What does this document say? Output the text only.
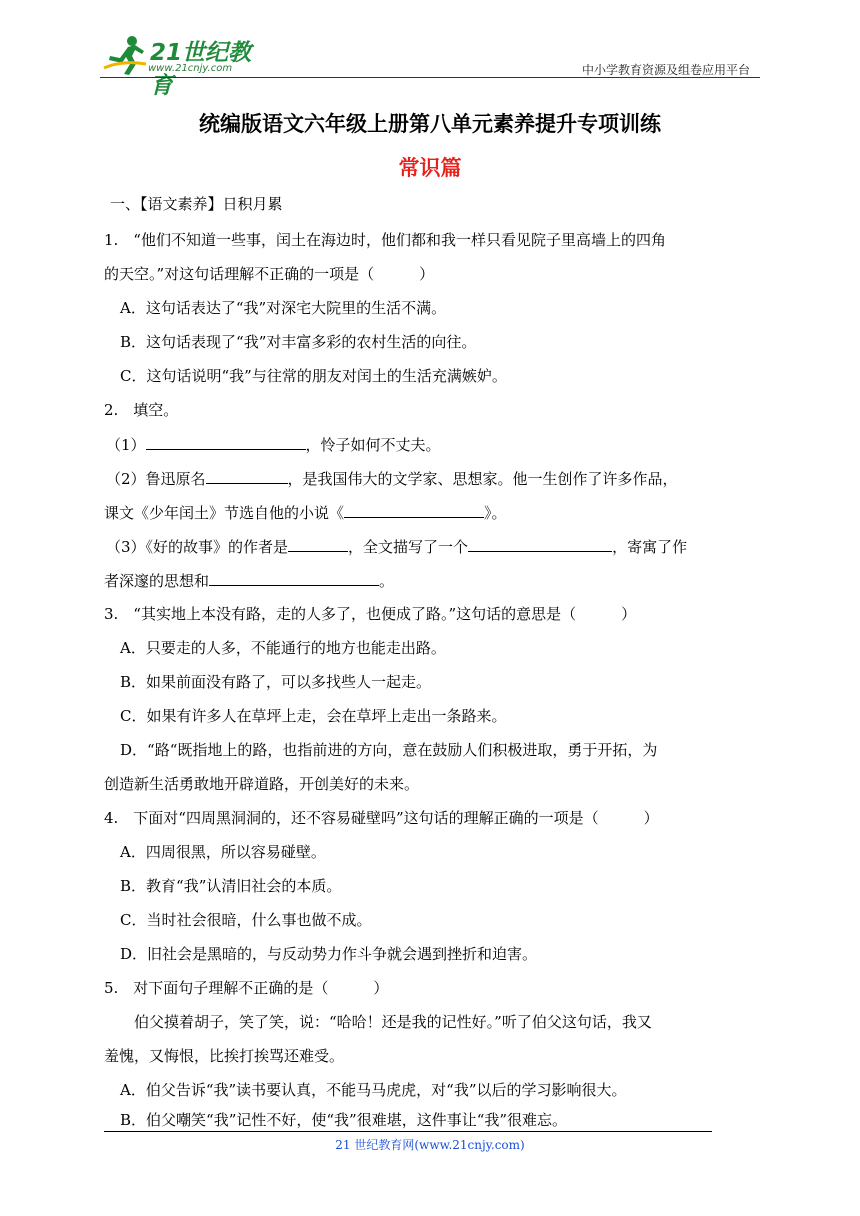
21世纪教育
www.21cnjy.com	中小学教育资源及组卷应用平台
统编版语文六年级上册第八单元素养提升专项训练
常识篇
一、【语文素养】日积月累
1.　“他们不知道一些事，闰土在海边时，他们都和我一样只看见院子里高墙上的四角
的天空。”对这句话理解不正确的一项是（　　　）
A．这句话表达了“我”对深宅大院里的生活不满。
B．这句话表现了“我”对丰富多彩的农村生活的向往。
C．这句话说明“我”与往常的朋友对闰土的生活充满嫉妒。
2.　填空。
（1）	，怜子如何不丈夫。
（2）鲁迅原名	，是我国伟大的文学家、思想家。他一生创作了许多作品，
课文《少年闰土》节选自他的小说《	》。
（3）《好的故事》的作者是	，全文描写了一个	，寄寓了作
者深邃的思想和	。
3.　“其实地上本没有路，走的人多了，也便成了路。”这句话的意思是（　　　）
A．只要走的人多，不能通行的地方也能走出路。
B．如果前面没有路了，可以多找些人一起走。
C．如果有许多人在草坪上走，会在草坪上走出一条路来。
D．“路“既指地上的路，也指前进的方向，意在鼓励人们积极进取，勇于开拓，为
创造新生活勇敢地开辟道路，开创美好的未来。
4.　下面对“四周黑洞洞的，还不容易碰壁吗”这句话的理解正确的一项是（　　　）
A．四周很黑，所以容易碰壁。
B．教育“我”认清旧社会的本质。
C．当时社会很暗，什么事也做不成。
D．旧社会是黑暗的，与反动势力作斗争就会遇到挫折和迫害。
5.　对下面句子理解不正确的是（　　　）
伯父摸着胡子，笑了笑，说：“哈哈！还是我的记性好。”听了伯父这句话，我又
羞愧，又悔恨，比挨打挨骂还难受。
A．伯父告诉“我”读书要认真，不能马马虎虎，对“我”以后的学习影响很大。
B．伯父嘲笑“我”记性不好，使“我”很难堪，这件事让“我”很难忘。
21 世纪教育网(www.21cnjy.com)
